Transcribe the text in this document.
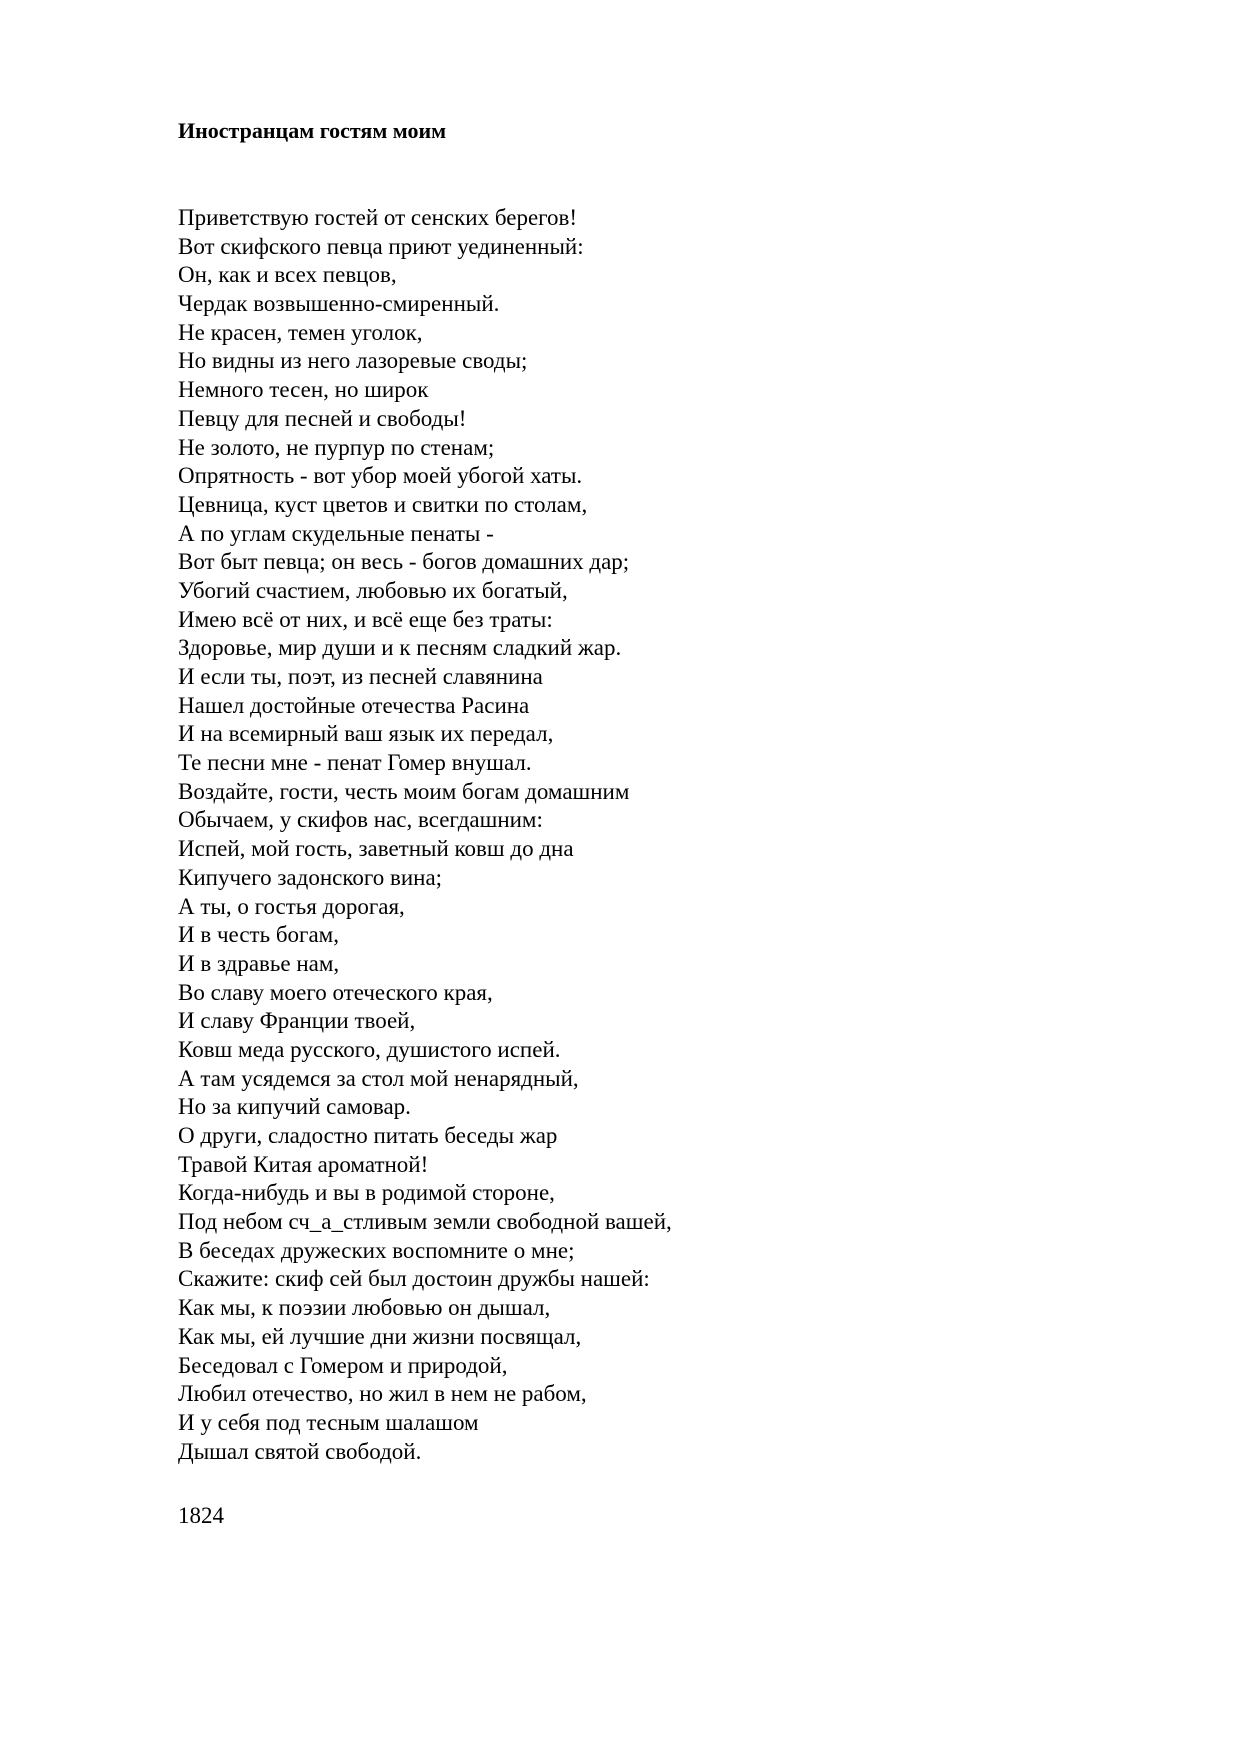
Иностранцам гостям моим
Приветствую гостей от сенских берегов!
Вот скифского певца приют уединенный:
Он, как и всех певцов,
Чердак возвышенно-смиренный.
Не красен, темен уголок,
Но видны из него лазоревые своды;
Немного тесен, но широк
Певцу для песней и свободы!
Не золото, не пурпур по стенам;
Опрятность - вот убор моей убогой хаты.
Цевница, куст цветов и свитки по столам,
А по углам скудельные пенаты -
Вот быт певца; он весь - богов домашних дар;
Убогий счастием, любовью их богатый,
Имею всё от них, и всё еще без траты:
Здоровье, мир души и к песням сладкий жар.
И если ты, поэт, из песней славянина
Нашел достойные отечества Расина
И на всемирный ваш язык их передал,
Те песни мне - пенат Гомер внушал.
Воздайте, гости, честь моим богам домашним
Обычаем, у скифов нас, всегдашним:
Испей, мой гость, заветный ковш до дна
Кипучего задонского вина;
А ты, о гостья дорогая,
И в честь богам,
И в здравье нам,
Во славу моего отеческого края,
И славу Франции твоей,
Ковш меда русского, душистого испей.
А там усядемся за стол мой ненарядный,
Но за кипучий самовар.
О други, сладостно питать беседы жар
Травой Китая ароматной!
Когда-нибудь и вы в родимой стороне,
Под небом сч_а_стливым земли свободной вашей,
В беседах дружеских воспомните о мне;
Скажите: скиф сей был достоин дружбы нашей:
Как мы, к поэзии любовью он дышал,
Как мы, ей лучшие дни жизни посвящал,
Беседовал с Гомером и природой,
Любил отечество, но жил в нем не рабом,
И у себя под тесным шалашом
Дышал святой свободой.

1824
